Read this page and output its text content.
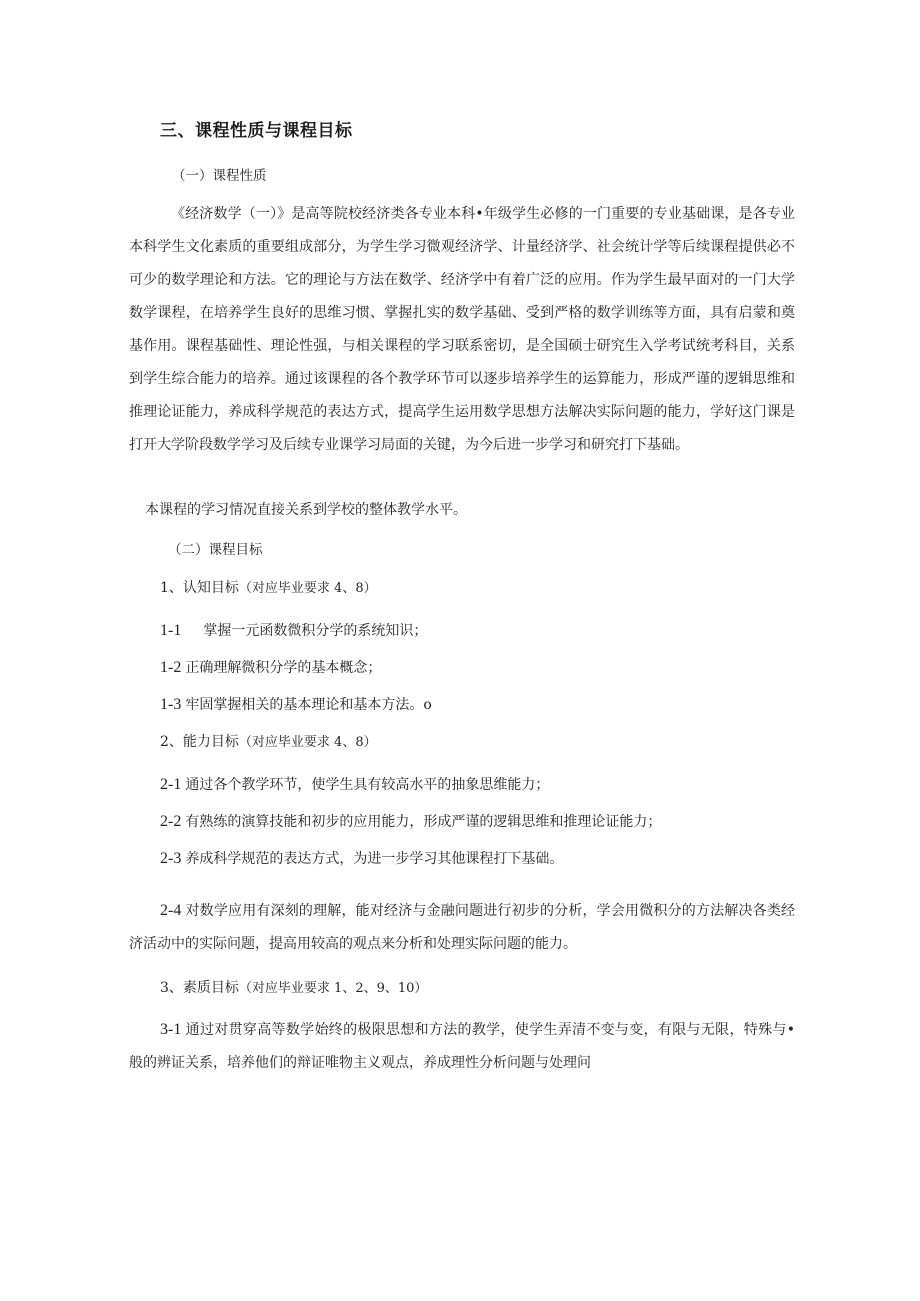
三、课程性质与课程目标
（一）课程性质

《经济数学（一）》是高等院校经济类各专业本科•年级学生必修的一门重要的专业基础课，是各专业本科学生文化素质的重要组成部分，为学生学习微观经济学、计量经济学、社会统计学等后续课程提供必不可少的数学理论和方法。它的理论与方法在数学、经济学中有着广泛的应用。作为学生最早面对的一门大学数学课程，在培养学生良好的思维习惯、掌握扎实的数学基础、受到严格的数学训练等方面，具有启蒙和奠基作用。课程基础性、理论性强，与相关课程的学习联系密切，是全国硕士研究生入学考试统考科目，关系到学生综合能力的培养。通过该课程的各个教学环节可以逐步培养学生的运算能力，形成严谨的逻辑思维和推理论证能力，养成科学规范的表达方式，提高学生运用数学思想方法解决实际问题的能力，学好这门课是打开大学阶段数学学习及后续专业课学习局面的关键，为今后进一步学习和研究打下基础。

本课程的学习情况直接关系到学校的整体教学水平。

（二）课程目标
1、认知目标（对应毕业要求 4、8）
1-1 掌握一元函数微积分学的系统知识；
1-2 正确理解微积分学的基本概念；
1-3 牢固掌握相关的基本理论和基本方法。o
2、能力目标（对应毕业要求 4、8）
2-1 通过各个教学环节，使学生具有较高水平的抽象思维能力；
2-2 有熟练的演算技能和初步的应用能力，形成严谨的逻辑思维和推理论证能力；
2-3 养成科学规范的表达方式，为进一步学习其他课程打下基础。

2-4 对数学应用有深刻的理解，能对经济与金融问题进行初步的分析，学会用微积分的方法解决各类经济活动中的实际问题，提高用较高的观点来分析和处理实际问题的能力。

3、素质目标（对应毕业要求 1、2、9、10）

3-1 通过对贯穿高等数学始终的极限思想和方法的教学，使学生弄清不变与变，有限与无限，特殊与•般的辨证关系，培养他们的辩证唯物主义观点，养成理性分析问题与处理问
